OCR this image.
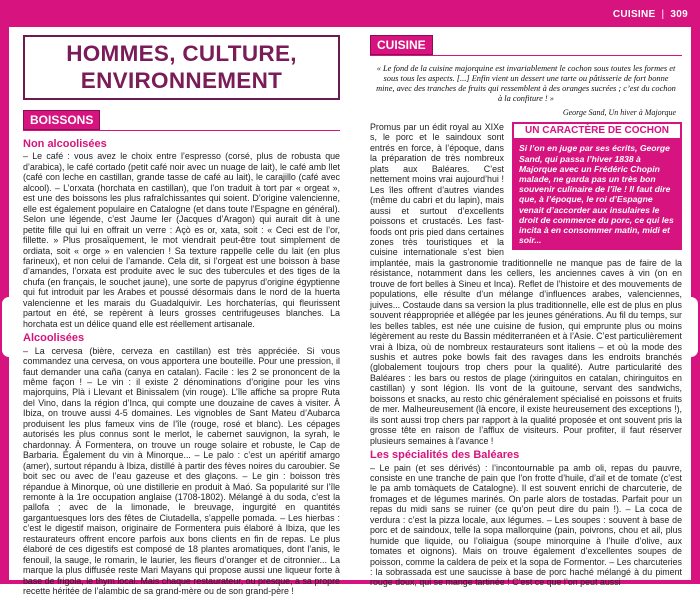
CUISINE | 309
HOMMES, CULTURE, ENVIRONNEMENT
BOISSONS
Non alcoolisées

– Le café : vous avez le choix entre l’espresso (corsé, plus de robusta que d’arabica), le café cortado (petit café noir avec un nuage de lait), le café amb llet (café con leche en castillan, grande tasse de café au lait), le carajillo (café avec alcool). – L’orxata (horchata en castillan), que l’on traduit à tort par « orgeat », est une des boissons les plus rafraîchissantes qui soient. D’origine valencienne, elle est également populaire en Catalogne (et dans toute l’Espagne en général). Selon une légende, c’est Jaume Ier (Jacques d’Aragon) qui aurait dit à une petite fille qui lui en offrait un verre : Açò es or, xata, soit : « Ceci est de l’or, fillette. » Plus prosaïquement, le mot viendrait peut-être tout simplement de ordiata, soit « orge » en valencien ! Sa texture rappelle celle du lait (en plus farineux), et non celui de l’amande. Cela dit, si l’orgeat est une boisson à base d’amandes, l’orxata est produite avec le suc des tubercules et des tiges de la chufa (en français, le souchet jaune), une sorte de papyrus d’origine égyptienne qui fut introduit par les Arabes et poussé désormais dans le nord de la huerta valencienne et les marais du Guadalquivir. Les horchaterías, qui fleurissent partout en été, se repèrent à leurs grosses centrifugeuses blanches. La horchata est un délice quand elle est réellement artisanale.

Alcoolisées

– La cervesa (bière, cerveza en castillan) est très appréciée. Si vous commandez una cervesa, on vous apportera une bouteille. Pour une pression, il faut demander una caña (canya en catalan). Facile : les 2 se prononcent de la même façon ! – Le vin : il existe 2 dénominations d’origine pour les vins majorquins, Plà i Llevant et Binissalem (vin rouge). L’île affiche sa propre Ruta del Vino, dans la région d’Inca, qui compte une douzaine de caves à visiter. À Ibiza, on trouve aussi 4-5 domaines. Les vignobles de Sant Mateu d’Aubarca produisent les plus fameux vins de l’île (rouge, rosé et blanc). Les cépages autorisés les plus connus sont le merlot, le cabernet sauvignon, la syrah, le chardonnay. À Formentera, on trouve un rouge solaire et robuste, le Cap de Barbaria. Également du vin à Minorque... – Le palo : c’est un apéritif amargo (amer), surtout répandu à Ibiza, distillé à partir des fèves noires du caroubier. Se boit sec ou avec de l’eau gazeuse et des glaçons. – Le gin : boisson très répandue à Minorque, où une distillerie en produit à Maó. Sa popularité sur l’île remonte à la 1re occupation anglaise (1708-1802). Mélangé à du soda, c’est la pallofa ; avec de la limonade, le breuvage, ingurgité en quantités gargantuesques lors des fêtes de Ciutadella, s’appelle pomada. – Les hierbas : c’est le digestif maison, originaire de Formentera puis élaboré à Ibiza, que les restaurateurs offrent encore parfois aux bons clients en fin de repas. Le plus élaboré de ces digestifs est composé de 18 plantes aromatiques, dont l’anis, le fenouil, la sauge, le romarin, le laurier, les fleurs d’oranger et de citronnier... La marque la plus diffusée reste Mari Mayans qui propose aussi une liqueur forte à base de frigola, le thym local. Mais chaque restaurateur, ou presque, a sa propre recette héritée de l’alambic de sa grand-mère ou de son grand-père !

CUISINE
« Le fond de la cuisine majorquine est invariablement le cochon sous toutes les formes et sous tous les aspects. [...] Enfin vient un dessert une tarte ou pâtisserie de fort bonne mine, avec des tranches de fruits qui ressemblent à des oranges sucrées ; c’est du cochon à la confiture ! »
George Sand, Un hiver à Majorque
UN CARACTÈRE DE COCHON
Si l’on en juge par ses écrits, George Sand, qui passa l’hiver 1838 à Majorque avec un Frédéric Chopin malade, ne garda pas un très bon souvenir culinaire de l’île ! Il faut dire que, à l’époque, le roi d’Espagne venait d’accorder aux insulaires le droit de commerce du porc, ce qui les incita à en consommer matin, midi et soir...

Promus par un édit royal au XIXe s, le porc et le saindoux sont entrés en force, à l’époque, dans la préparation de très nombreux plats aux Baléares. C’est nettement moins vrai aujourd’hui ! Les îles offrent d’autres viandes (même du cabri et du lapin), mais aussi et surtout d’excellents poissons et crustacés. Les fast-foods ont pris pied dans certaines zones très touristiques et la cuisine internationale s’est bien implantée, mais la gastronomie traditionnelle ne manque pas de faire de la résistance, notamment dans les cellers, les anciennes caves à vin (on en trouve de fort belles à Sineu et Inca). Reflet de l’histoire et des mouvements de populations, elle résulte d’un mélange d’influences arabes, valenciennes, juives... Costaude dans sa version la plus traditionnelle, elle est de plus en plus souvent réappropriée et allégée par les jeunes générations. Au fil du temps, sur les belles tables, est née une cuisine de fusion, qui emprunte plus ou moins légèrement au reste du Bassin méditerranéen et à l’Asie. C’est particulièrement vrai à Ibiza, où de nombreux restaurateurs sont italiens – et où la mode des sushis et autres poke bowls fait des ravages dans les endroits branchés (globalement toujours trop chers pour la qualité). Autre particularité des Baléares : les bars ou restos de plage (xiringuitos en catalan, chiringuitos en castillan) y sont légion. Ils vont de la guitoune, servant des sandwichs, boissons et snacks, au resto chic généralement spécialisé en poissons et fruits de mer. Malheureusement (là encore, il existe heureusement des exceptions !), ils sont aussi trop chers par rapport à la qualité proposée et ont souvent pris la grosse tête en raison de l’afflux de visiteurs. Pour profiter, il faut réserver plusieurs semaines à l’avance !

Les spécialités des Baléares

– Le pain (et ses dérivés) : l’incontournable pa amb oli, repas du pauvre, consiste en une tranche de pain que l’on frotte d’huile, d’ail et de tomate (c’est le pa amb tomàquets de Catalogne). Il est souvent enrichi de charcuterie, de fromages et de légumes marinés. On parle alors de tostadas. Parfait pour un repas du midi sans se ruiner (ce qu’on peut dire du pain !). – La coca de verdura : c’est la pizza locale, aux légumes. – Les soupes : souvent à base de porc et de saindoux, telle la sopa mallorquine (pain, poivrons, chou et ail, plus humide que liquide, ou l’oliaigua (soupe minorquine à l’huile d’olive, aux tomates et oignons). Mais on trouve également d’excellentes soupes de poisson, comme la caldera de peix et la sopa de Formentor. – Les charcuteries : la sobrassada est une saucisse à base de porc haché mélangé à du piment rouge doux, qui se mange tartinée ! C’est ce que l’on peut aussi
